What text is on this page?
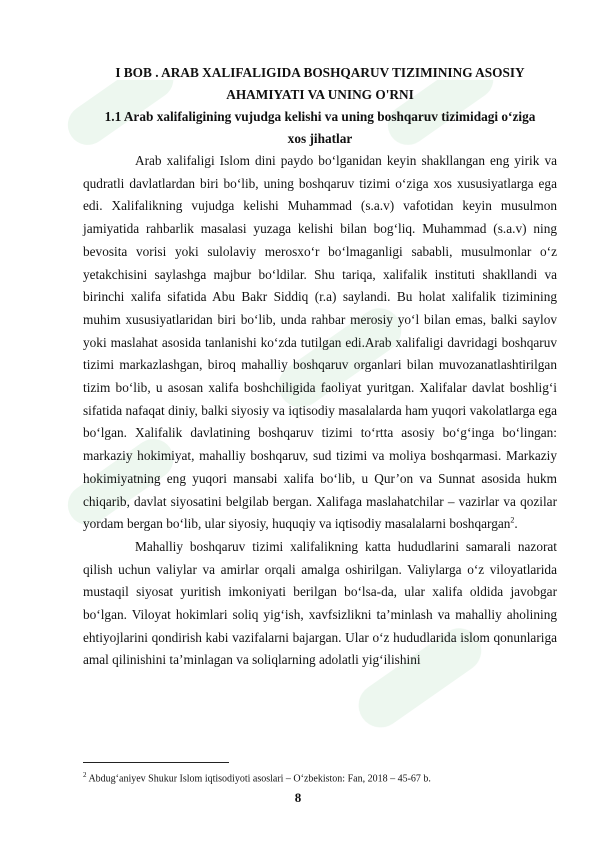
I BOB . ARAB XALIFALIGIDA BOSHQARUV TIZIMINING ASOSIY

AHAMIYATI VA UNING O'RNI

1.1 Arab xalifaligining vujudga kelishi va uning boshqaruv tizimidagi o‘ziga

xos jihatlar

Arab xalifaligi Islom dini paydo bo‘lganidan keyin shakllangan eng yirik va qudratli davlatlardan biri bo‘lib, uning boshqaruv tizimi o‘ziga xos xususiyatlarga ega edi. Xalifalikning vujudga kelishi Muhammad (s.a.v) vafotidan keyin musulmon jamiyatida rahbarlik masalasi yuzaga kelishi bilan bog‘liq. Muhammad (s.a.v) ning bevosita vorisi yoki sulolaviy merosxo‘r bo‘lmaganligi sababli, musulmonlar o‘z yetakchisini saylashga majbur bo‘ldilar. Shu tariqa, xalifalik instituti shakllandi va birinchi xalifa sifatida Abu Bakr Siddiq (r.a) saylandi. Bu holat xalifalik tizimining muhim xususiyatlaridan biri bo‘lib, unda rahbar merosiy yo‘l bilan emas, balki saylov yoki maslahat asosida tanlanishi ko‘zda tutilgan edi.Arab xalifaligi davridagi boshqaruv tizimi markazlashgan, biroq mahalliy boshqaruv organlari bilan muvozanatlashtirilgan tizim bo‘lib, u asosan xalifa boshchiligida faoliyat yuritgan. Xalifalar davlat boshlig‘i sifatida nafaqat diniy, balki siyosiy va iqtisodiy masalalarda ham yuqori vakolatlarga ega bo‘lgan. Xalifalik davlatining boshqaruv tizimi to‘rtta asosiy bo‘g‘inga bo‘lingan: markaziy hokimiyat, mahalliy boshqaruv, sud tizimi va moliya boshqarmasi. Markaziy hokimiyatning eng yuqori mansabi xalifa bo‘lib, u Qur’on va Sunnat asosida hukm chiqarib, davlat siyosatini belgilab bergan. Xalifaga maslahatchilar – vazirlar va qozilar yordam bergan bo‘lib, ular siyosiy, huquqiy va iqtisodiy masalalarni boshqargan$^2$.

Mahalliy boshqaruv tizimi xalifalikning katta hududlarini samarali nazorat qilish uchun valiylar va amirlar orqali amalga oshirilgan. Valiylarga o‘z viloyatlarida mustaqil siyosat yuritish imkoniyati berilgan bo‘lsa-da, ular xalifa oldida javobgar bo‘lgan. Viloyat hokimlari soliq yig‘ish, xavfsizlikni ta’minlash va mahalliy aholining ehtiyojlarini qondirish kabi vazifalarni bajargan. Ular o‘z hududlarida islom qonunlariga amal qilinishini ta’minlagan va soliqlarning adolatli yig‘ilishini

$^2$ Abdug‘aniyev Shukur Islom iqtisodiyoti asoslari – O‘zbekiston: Fan, 2018 – 45-67 b.
8
